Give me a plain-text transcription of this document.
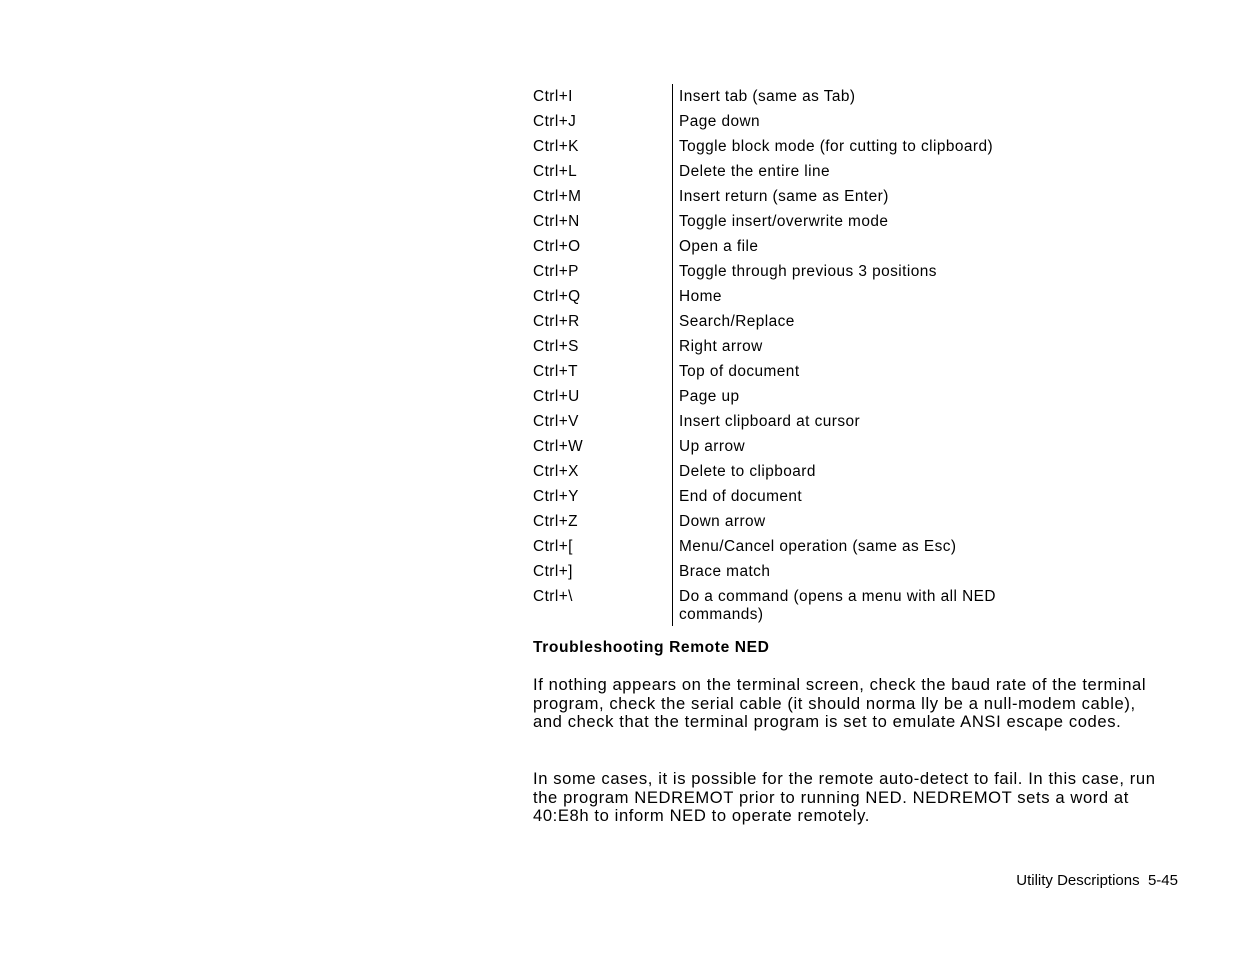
Ctrl+I	Insert tab (same as Tab)
Ctrl+J	Page down
Ctrl+K	Toggle block mode (for cutting to clipboard)
Ctrl+L	Delete the entire line
Ctrl+M	Insert return (same as Enter)
Ctrl+N	Toggle insert/overwrite mode
Ctrl+O	Open a file
Ctrl+P	Toggle through previous 3 positions
Ctrl+Q	Home
Ctrl+R	Search/Replace
Ctrl+S	Right arrow
Ctrl+T	Top of document
Ctrl+U	Page up
Ctrl+V	Insert clipboard at cursor
Ctrl+W	Up arrow
Ctrl+X	Delete to clipboard
Ctrl+Y	End of document
Ctrl+Z	Down arrow
Ctrl+[	Menu/Cancel operation (same as Esc)
Ctrl+]	Brace match
Ctrl+\	Do a command (opens a menu with all NED commands)
Troubleshooting Remote NED

If nothing appears on the terminal screen, check the baud rate of the terminal program, check the serial cable (it should norma lly be a null-modem cable), and check that the terminal program is set to emulate ANSI escape codes.

In some cases, it is possible for the remote auto-detect to fail. In this case, run the program NEDREMOT prior to running NED. NEDREMOT sets a word at 40:E8h to inform NED to operate remotely.

Utility Descriptions 5-45
